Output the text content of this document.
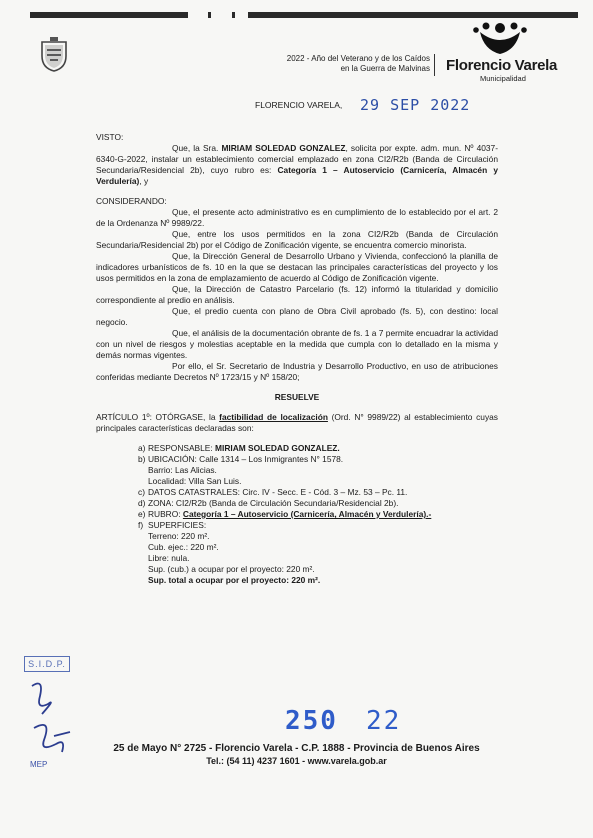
2022 - Año del Veterano y de los Caídos
en la Guerra de Malvinas Florencio Varela
Municipalidad
FLORENCIO VARELA, 29 SEP 2022

VISTO:

Que, la Sra. MIRIAM SOLEDAD GONZALEZ, solicita por expte. adm. mun. Nº 4037-6340-G-2022, instalar un establecimiento comercial emplazado en zona CI2/R2b (Banda de Circulación Secundaria/Residencial 2b), cuyo rubro es: Categoría 1 – Autoservicio (Carnicería, Almacén y Verdulería), y

CONSIDERANDO:

Que, el presente acto administrativo es en cumplimiento de lo establecido por el art. 2 de la Ordenanza Nº 9989/22.

Que, entre los usos permitidos en la zona CI2/R2b (Banda de Circulación Secundaria/Residencial 2b) por el Código de Zonificación vigente, se encuentra comercio minorista.

Que, la Dirección General de Desarrollo Urbano y Vivienda, confeccionó la planilla de indicadores urbanísticos de fs. 10 en la que se destacan las principales características del proyecto y los usos permitidos en la zona de emplazamiento de acuerdo al Código de Zonificación vigente.

Que, la Dirección de Catastro Parcelario (fs. 12) informó la titularidad y domicilio correspondiente al predio en análisis.

Que, el predio cuenta con plano de Obra Civil aprobado (fs. 5), con destino: local negocio.

Que, el análisis de la documentación obrante de fs. 1 a 7 permite encuadrar la actividad con un nivel de riesgos y molestias aceptable en la medida que cumpla con lo detallado en la misma y demás normas vigentes.

Por ello, el Sr. Secretario de Industria y Desarrollo Productivo, en uso de atribuciones conferidas mediante Decretos Nº 1723/15 y Nº 158/20;

RESUELVE

ARTÍCULO 1º: OTÓRGASE, la factibilidad de localización (Ord. N° 9989/22) al establecimiento cuyas principales características declaradas son:

a) RESPONSABLE: MIRIAM SOLEDAD GONZALEZ.
b) UBICACIÓN: Calle 1314 – Los Inmigrantes N° 1578.
Barrio: Las Alicias.
Localidad: Villa San Luis.
c) DATOS CATASTRALES: Circ. IV - Secc. E - Cód. 3 – Mz. 53 – Pc. 11.
d) ZONA: CI2/R2b (Banda de Circulación Secundaria/Residencial 2b).
e) RUBRO: Categoría 1 – Autoservicio (Carnicería, Almacén y Verdulería).-
f) SUPERFICIES:
Terreno: 220 m².
Cub. ejec.: 220 m².
Libre: nula.
Sup. (cub.) a ocupar por el proyecto: 220 m².
Sup. total a ocupar por el proyecto: 220 m².
S.I.D.P.
MEP
250 22
25 de Mayo N° 2725 - Florencio Varela - C.P. 1888 - Provincia de Buenos Aires
Tel.: (54 11) 4237 1601 - www.varela.gob.ar
